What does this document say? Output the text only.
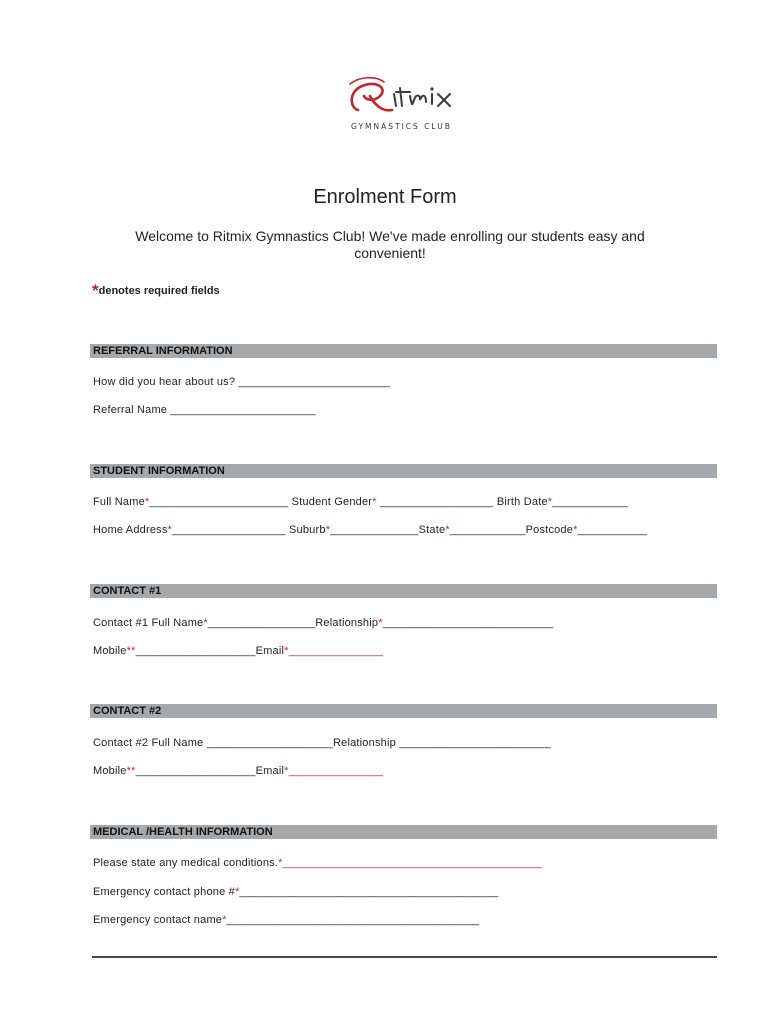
GYMNASTICS CLUB
Enrolment Form
Welcome to Ritmix Gymnastics Club! We've made enrolling our students easy and convenient!
*denotes required fields
REFERRAL INFORMATION
How did you hear about us? ________________________
Referral Name _______________________
STUDENT INFORMATION
Full Name*______________________ Student Gender* __________________ Birth Date*____________
Home Address*__________________ Suburb*______________State*____________Postcode*___________
CONTACT #1
Contact #1 Full Name*_________________Relationship*___________________________
Mobile**___________________Email*_______________
CONTACT #2
Contact #2 Full Name ____________________Relationship ________________________
Mobile**___________________Email*_______________
MEDICAL /HEALTH INFORMATION
Please state any medical conditions.*_________________________________________
Emergency contact phone #*_________________________________________
Emergency contact name*________________________________________
